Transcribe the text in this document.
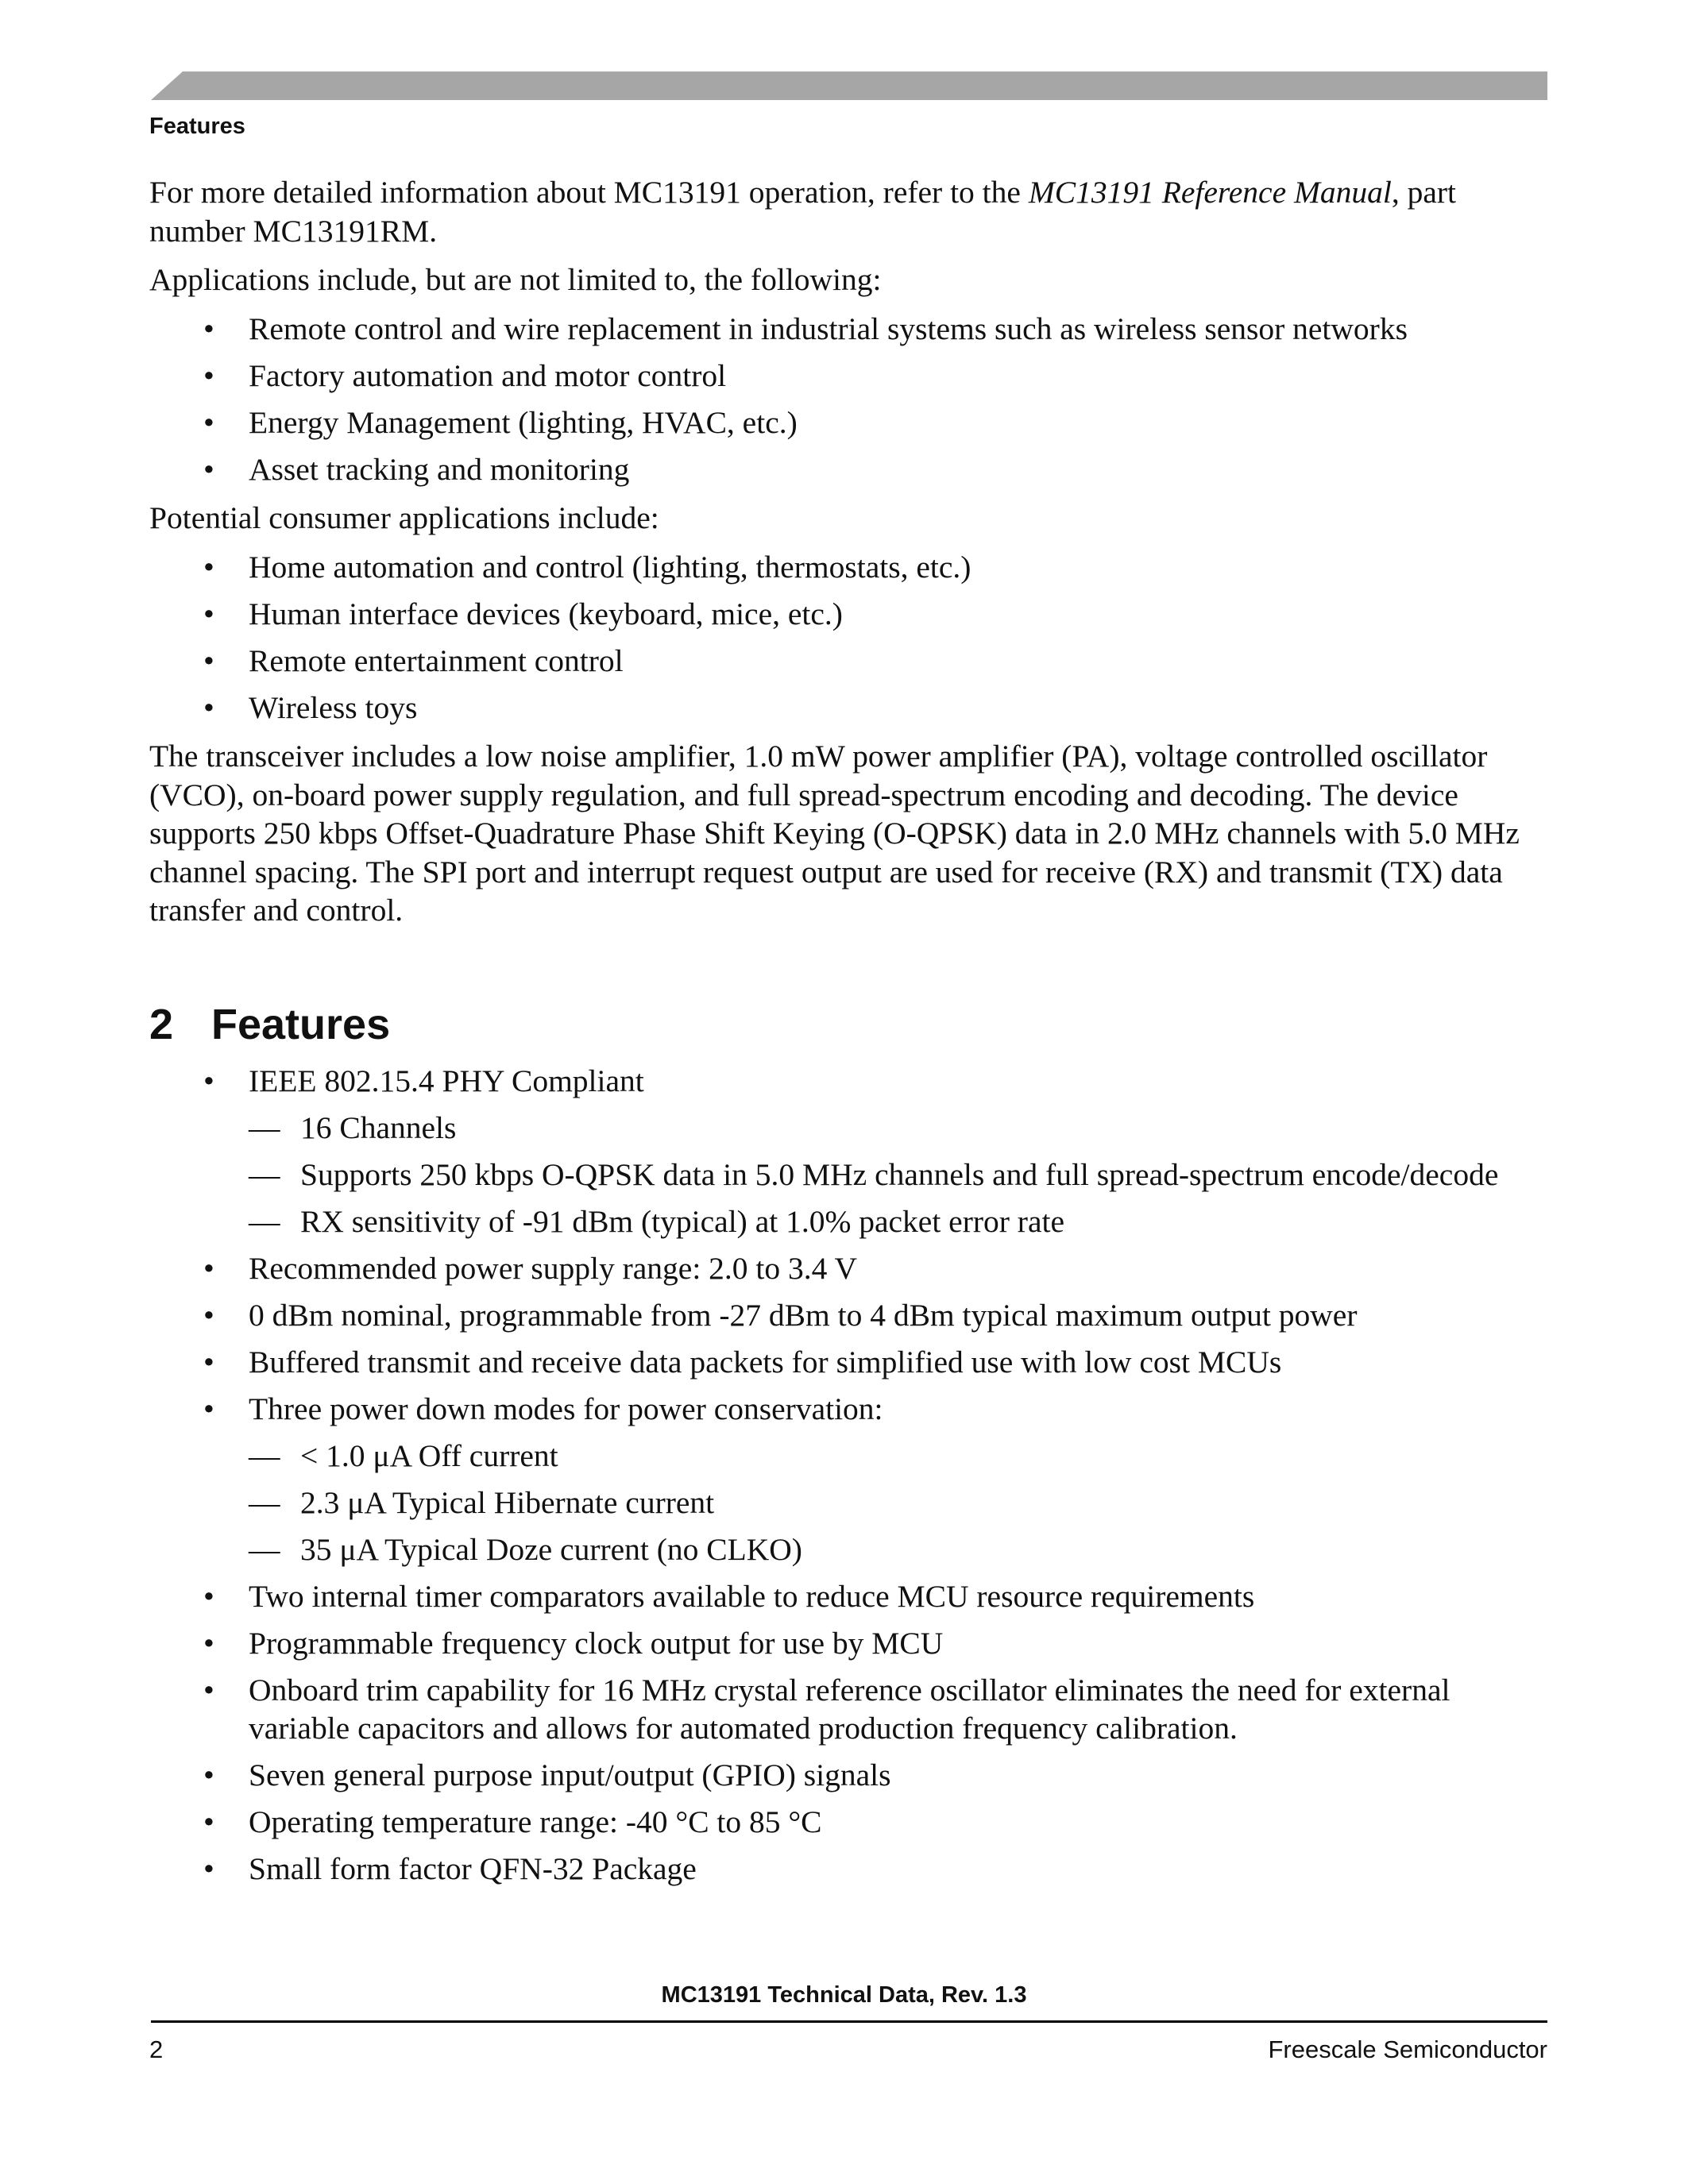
Features

For more detailed information about MC13191 operation, refer to the MC13191 Reference Manual, part number MC13191RM.

Applications include, but are not limited to, the following:

• Remote control and wire replacement in industrial systems such as wireless sensor networks
• Factory automation and motor control
• Energy Management (lighting, HVAC, etc.)
• Asset tracking and monitoring

Potential consumer applications include:

• Home automation and control (lighting, thermostats, etc.)
• Human interface devices (keyboard, mice, etc.)
• Remote entertainment control
• Wireless toys

The transceiver includes a low noise amplifier, 1.0 mW power amplifier (PA), voltage controlled oscillator (VCO), on-board power supply regulation, and full spread-spectrum encoding and decoding. The device supports 250 kbps Offset-Quadrature Phase Shift Keying (O-QPSK) data in 2.0 MHz channels with 5.0 MHz channel spacing. The SPI port and interrupt request output are used for receive (RX) and transmit (TX) data transfer and control.

2 Features
• IEEE 802.15.4 PHY Compliant
— 16 Channels
— Supports 250 kbps O-QPSK data in 5.0 MHz channels and full spread-spectrum encode/decode
— RX sensitivity of -91 dBm (typical) at 1.0% packet error rate
• Recommended power supply range: 2.0 to 3.4 V
• 0 dBm nominal, programmable from -27 dBm to 4 dBm typical maximum output power
• Buffered transmit and receive data packets for simplified use with low cost MCUs
• Three power down modes for power conservation:
— < 1.0 μA Off current
— 2.3 μA Typical Hibernate current
— 35 μA Typical Doze current (no CLKO)
• Two internal timer comparators available to reduce MCU resource requirements
• Programmable frequency clock output for use by MCU
• Onboard trim capability for 16 MHz crystal reference oscillator eliminates the need for external variable capacitors and allows for automated production frequency calibration.
• Seven general purpose input/output (GPIO) signals
• Operating temperature range: -40 °C to 85 °C
• Small form factor QFN-32 Package
MC13191 Technical Data, Rev. 1.3
2	Freescale Semiconductor
